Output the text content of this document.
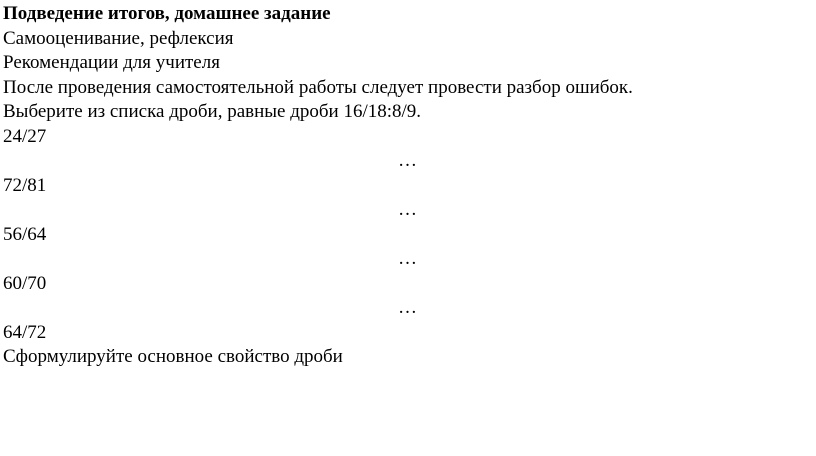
Подведение итогов, домашнее задание
Самооценивание, рефлексия
Рекомендации для учителя
После проведения самостоятельной работы следует провести разбор ошибок.
Выберите из списка дроби, равные дроби 16/18:8/9.
24/27
…
72/81
…
56/64
…
60/70
…
64/72
Сформулируйте основное свойство дроби
